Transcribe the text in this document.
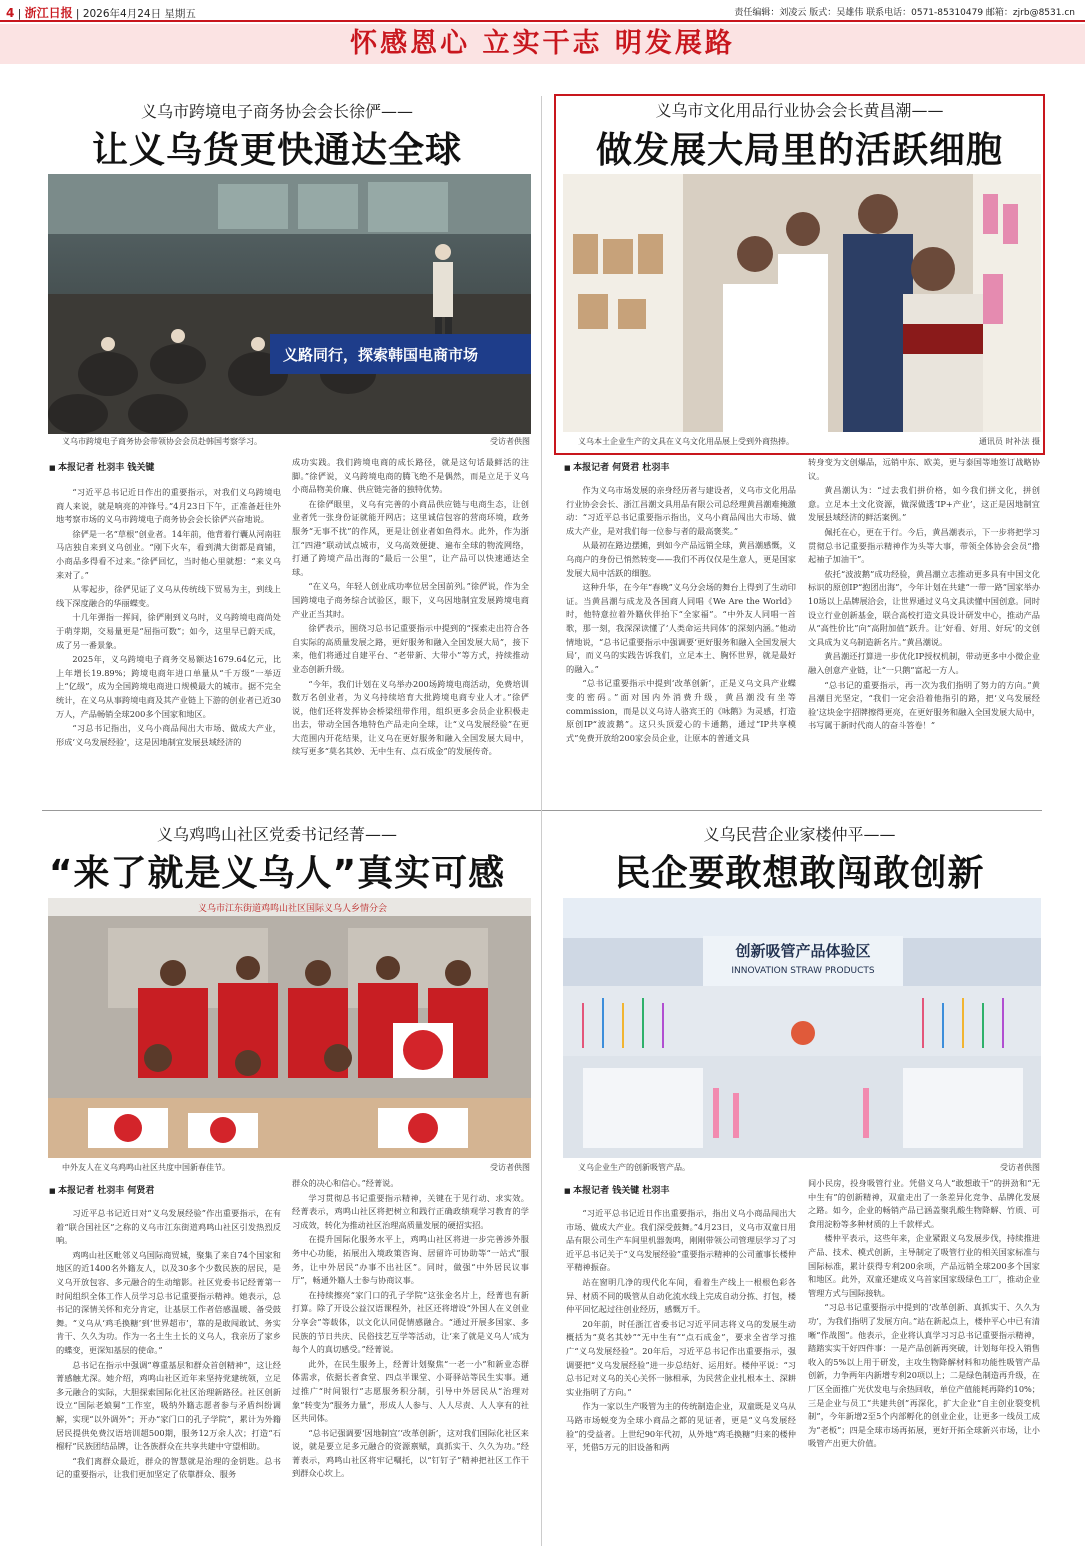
4 | 浙江日报 | 2026年4月24日 星期五	责任编辑：刘凌云 版式：吴雄伟 联系电话：0571-85310479 邮箱：zjrb@8531.cn
怀感恩心 立实干志 明发展路
义乌市跨境电子商务协会会长徐俨——
让义乌货更快通达全球
义路同行，探索韩国电商市场
义乌市跨境电子商务协会带领协会会员赴韩国考察学习。	受访者供图
■ 本报记者 杜羽丰 钱关键

“习近平总书记近日作出的重要指示，对我们义乌跨境电商人来说，就是响亮的冲锋号。”4月23日下午，正准备赶往外地考察市场的义乌市跨境电子商务协会会长徐俨兴奋地说。

徐俨是一名“草根”创业者。14年前，他背着行囊从河南驻马店独自来到义乌创业。“刚下火车，看到满大街都是商铺，小商品多得看不过来。”徐俨回忆，当时他心里就想：“来义乌来对了。”

从零起步，徐俨见证了义乌从传统线下贸易为主，到线上线下深度融合的华丽蝶变。

十几年弹指一挥间，徐俨刚到义乌时，义乌跨境电商尚处于萌芽期，交易量更是“屈指可数”；如今，这里早已蔚天成，成了另一番景象。

2025年，义乌跨境电子商务交易额达1679.64亿元，比上年增长19.89%；跨境电商年进口单量从“千万级”一举迈上“亿级”，成为全国跨境电商进口规模最大的城市。据不完全统计，在义乌从事跨境电商及其产业链上下游的创业者已近30万人，产品畅销全球200多个国家和地区。

“习总书记指出，义乌小商品闯出大市场、做成大产业，形成‘义乌发展经验’，这是因地制宜发展县域经济的

成功实践。我们跨境电商的成长路径，就是这句话最鲜活的注脚。”徐俨说，义乌跨境电商的腾飞绝不是偶然，而是立足于义乌小商品物美价廉、供应链完备的独特优势。

在徐俨眼里，义乌有完善的小商品供应链与电商生态，让创业者凭一张身份证就能开网店；这里诚信包容的营商环境，政务服务“无事不扰”的作风，更是让创业者如鱼得水。此外，作为浙江“四港”联动试点城市，义乌高效便捷、遍布全球的物流网络，打通了跨境产品出海的“最后一公里”，让产品可以快速通达全球。

“在义乌，年轻人创业成功率位居全国前列。”徐俨说，作为全国跨境电子商务综合试验区，眼下，义乌因地制宜发展跨境电商产业正当其时。

徐俨表示，围绕习总书记重要指示中提到的“探索走出符合各自实际的高质量发展之路，更好服务和融入全国发展大局”，接下来，他们将通过自建平台、“老带新、大带小”等方式，持续推动业态创新升级。

“今年，我们计划在义乌举办200场跨境电商活动，免费培训数万名创业者，为义乌持续培育大批跨境电商专业人才。”徐俨说，他们还将发挥协会桥梁纽带作用，组织更多会员企业积极走出去，带动全国各地特色产品走向全球，让“义乌发展经验”在更大范围内开花结果，让义乌在更好服务和融入全国发展大局中，续写更多“莫名其妙、无中生有、点石成金”的发展传奇。

义乌市文化用品行业协会会长黄昌潮——
做发展大局里的活跃细胞
义乌本土企业生产的文具在义乌文化用品展上受到外商热捧。	通讯员 时补法 摄
■ 本报记者 何贤君 杜羽丰

作为义乌市场发展的亲身经历者与建设者，义乌市文化用品行业协会会长、浙江昌潮文具用品有限公司总经理黄昌潮难掩激动：“习近平总书记重要指示指出，义乌小商品闯出大市场、做成大产业，是对我们每一位参与者的最高褒奖。”

从最初在路边摆摊，到如今产品远销全球，黄昌潮感慨，义乌商户的身份已悄然转变——我们不再仅仅是生意人，更是国家发展大局中活跃的细胞。

这种升华，在今年“春晚”义乌分会场的舞台上得到了生动印证。当黄昌潮与成龙及各国商人同唱《We Are the World》时，他特意拉着外籍伙伴抬下“全家福”。“中外友人同唱一首歌，那一刻，我深深读懂了‘人类命运共同体’的深刻内涵。”他动情地说，“总书记重要指示中强调要‘更好服务和融入全国发展大局’，而义乌的实践告诉我们，立足本土、胸怀世界，就是最好的融入。”

“总书记重要指示中提到‘改革创新’，正是义乌文具产业蝶变的密码。”面对国内外消费升级，黄昌潮没有坐等commission，而是以义乌诗人骆宾王的《咏鹅》为灵感，打造原创IP“波波鹅”。这只头顶爱心的卡通鹅，通过“IP共享模式”免费开放给200家会员企业，让原本的普通文具

转身变为文创爆品，远销中东、欧美，更与泰国等地签订战略协议。

黄昌潮认为：“过去我们拼价格，如今我们拼文化，拼创意。立足本土文化资源，做深做透‘IP+产业’，这正是因地制宜发展县域经济的鲜活案例。”

佩托在心，更在于行。今后，黄昌潮表示，下一步将把学习贯彻总书记重要指示精神作为头等大事，带领全体协会会员“撸起袖子加油干”。

依托“波波鹅”成功经验，黄昌潮立志推动更多具有中国文化标识的原创IP“抱团出海”，今年计划在共建“一带一路”国家举办10场以上品牌展洽会，让世界通过义乌文具读懂中国创意。同时设立行业创新基金，联合高校打造文具设计研发中心，推动产品从“高性价比”向“高附加值”跃升。让‘好看、好用、好玩’的文创文具成为义乌制造新名片。”黄昌潮说。

黄昌潮还打算进一步优化IP授权机制，带动更多中小微企业融入创意产业链，让“一只鹅”富起一方人。

“总书记的重要指示，再一次为我们指明了努力的方向。”黄昌潮目光坚定，“我们一定会沿着他指引的路，把‘义乌发展经验’这块金字招牌擦得更亮，在更好服务和融入全国发展大局中，书写属于新时代商人的奋斗答卷！”

义乌鸡鸣山社区党委书记经菁——
“来了就是义乌人”真实可感
义乌市江东街道鸡鸣山社区国际义乌人乡情分会
中外友人在义乌鸡鸣山社区共度中国新春佳节。	受访者供图
■ 本报记者 杜羽丰 何贤君

习近平总书记近日对“义乌发展经验”作出重要指示，在有着“联合国社区”之称的义乌市江东街道鸡鸣山社区引发热烈反响。

鸡鸣山社区毗邻义乌国际商贸城，聚集了来自74个国家和地区的近1400名外籍友人，以及30多个少数民族的居民，是义乌开放包容、多元融合的生动缩影。社区党委书记经菁第一时间组织全体工作人员学习总书记重要指示精神。她表示，总书记的深情关怀和充分肯定，让基层工作者倍感温暖、备受鼓舞。“义乌从‘鸡毛换糖’到‘世界超市’，靠的是敢闯敢试、务实肯干、久久为功。作为一名土生土长的义乌人，我亲历了家乡的蝶变，更深知基层的使命。”

总书记在指示中强调“尊重基层和群众首创精神”，这让经菁感触尤深。她介绍，鸡鸣山社区近年来坚持党建统领，立足多元融合的实际，大胆探索国际化社区治理新路径。社区创新设立“国际老娘舅”工作室，吸纳外籍志愿者参与矛盾纠纷调解，实现“以外调外”；开办“家门口的孔子学院”，累计为外籍居民提供免费汉语培训超500期，服务12万余人次；打造“石榴籽”民族团结品牌，让各族群众在共享共建中守望相助。

“我们离群众最近，群众的智慧就是治理的金钥匙。总书记的重要指示，让我们更加坚定了依靠群众、服务

群众的决心和信心。”经菁说。

学习贯彻总书记重要指示精神，关键在于见行动、求实效。经菁表示，鸡鸣山社区将把树立和践行正确政绩观学习教育的学习成效，转化为推动社区治理高质量发展的硬招实招。

在提升国际化服务水平上，鸡鸣山社区将进一步完善涉外服务中心功能，拓展出入境政策咨询、居留许可协助等“一站式”服务，让中外居民“办事不出社区”。同时，做强“中外居民议事厅”，畅通外籍人士参与协商议事。

在持续擦亮“家门口的孔子学院”这张金名片上，经菁也有新打算。除了开设公益汉语课程外，社区还将增设“外国人在义创业分享会”等载体，以文化认同促情感融合。“通过开展多国家、多民族的节日共庆、民俗技艺互学等活动，让‘来了就是义乌人’成为每个人的真切感受。”经菁说。

此外，在民生服务上，经菁计划聚焦“一老一小”和新业态群体需求，依据长者食堂、四点半课堂、小哥驿站等民生实事。通过推广“时间银行”志愿服务积分制，引导中外居民从“治理对象”转变为“服务力量”，形成人人参与、人人尽责、人人享有的社区共同体。

“总书记强调要‘因地制宜’‘改革创新’，这对我们国际化社区来说，就是要立足多元融合的资源禀赋，真抓实干、久久为功。”经菁表示，鸡鸣山社区将牢记嘱托，以“钉钉子”精神把社区工作干到群众心坎上。

义乌民营企业家楼仲平——
民企要敢想敢闯敢创新
创新吸管产品体验区
INNOVATION STRAW PRODUCTS
义乌企业生产的创新吸管产品。	受访者供图
■ 本报记者 钱关键 杜羽丰

“习近平总书记近日作出重要指示，指出义乌小商品闯出大市场、做成大产业。我们深受鼓舞。”4月23日，义乌市双童日用品有限公司生产车间里机器轰鸣，刚刚带领公司管理层学习了习近平总书记关于“义乌发展经验”重要指示精神的公司董事长楼仲平精神振奋。

站在窗明几净的现代化车间，看着生产线上一根根色彩各异、材质不同的吸管从自动化流水线上完成自动分拣、打包，楼仲平回忆起过往创业经历，感慨万千。

20年前，时任浙江省委书记习近平同志将义乌的发展生动概括为“莫名其妙”“无中生有”“点石成金”，要求全省学习推广“义乌发展经验”。20年后，习近平总书记作出重要指示，强调要把“义乌发展经验”进一步总结好、运用好。楼仲平说：“习总书记对义乌的关心关怀一脉相承，为民营企业扎根本土、深耕实业指明了方向。”

作为一家以生产吸管为主的传统制造企业，双童既是义乌从马路市场蜕变为全球小商品之都的见证者，更是“义乌发展经验”的受益者。上世纪90年代初，从外地“鸡毛换糖”归来的楼仲平，凭借5万元的旧设备和两

间小民房，投身吸管行业。凭借义乌人“敢想敢干”的拼劲和“无中生有”的创新精神，双童走出了一条差异化竞争、品牌化发展之路。如今，企业的畅销产品已涵盖聚乳酸生物降解、竹质、可食用淀粉等多种材质的上千款样式。

楼仲平表示，这些年来，企业紧跟义乌发展步伐，持续推进产品、技术、模式创新，主导制定了吸管行业的相关国家标准与国际标准，累计获得专利200余项，产品远销全球200多个国家和地区。此外，双童还建成义乌首家国家级绿色工厂，推动企业管理方式与国际接轨。

“习总书记重要指示中提到的‘改革创新、真抓实干、久久为功’，为我们指明了发展方向。”站在新起点上，楼仲平心中已有清晰“作战图”。他表示，企业将认真学习习总书记重要指示精神，踏踏实实干好四件事：一是产品创新再突破，计划每年投入销售收入的5%以上用于研发，主攻生物降解材料和功能性吸管产品创新，力争两年内新增专利20项以上；二是绿色制造再升级，在厂区全面推广光伏发电与余热回收，单位产值能耗再降约10%；三是企业与员工“共建共创”再深化，扩大企业“自主创业裂变机制”，今年新增2至5个内部孵化的创业企业，让更多一线员工成为“老板”；四是全球市场再拓展，更好开拓全球新兴市场，让小吸管产出更大价值。
